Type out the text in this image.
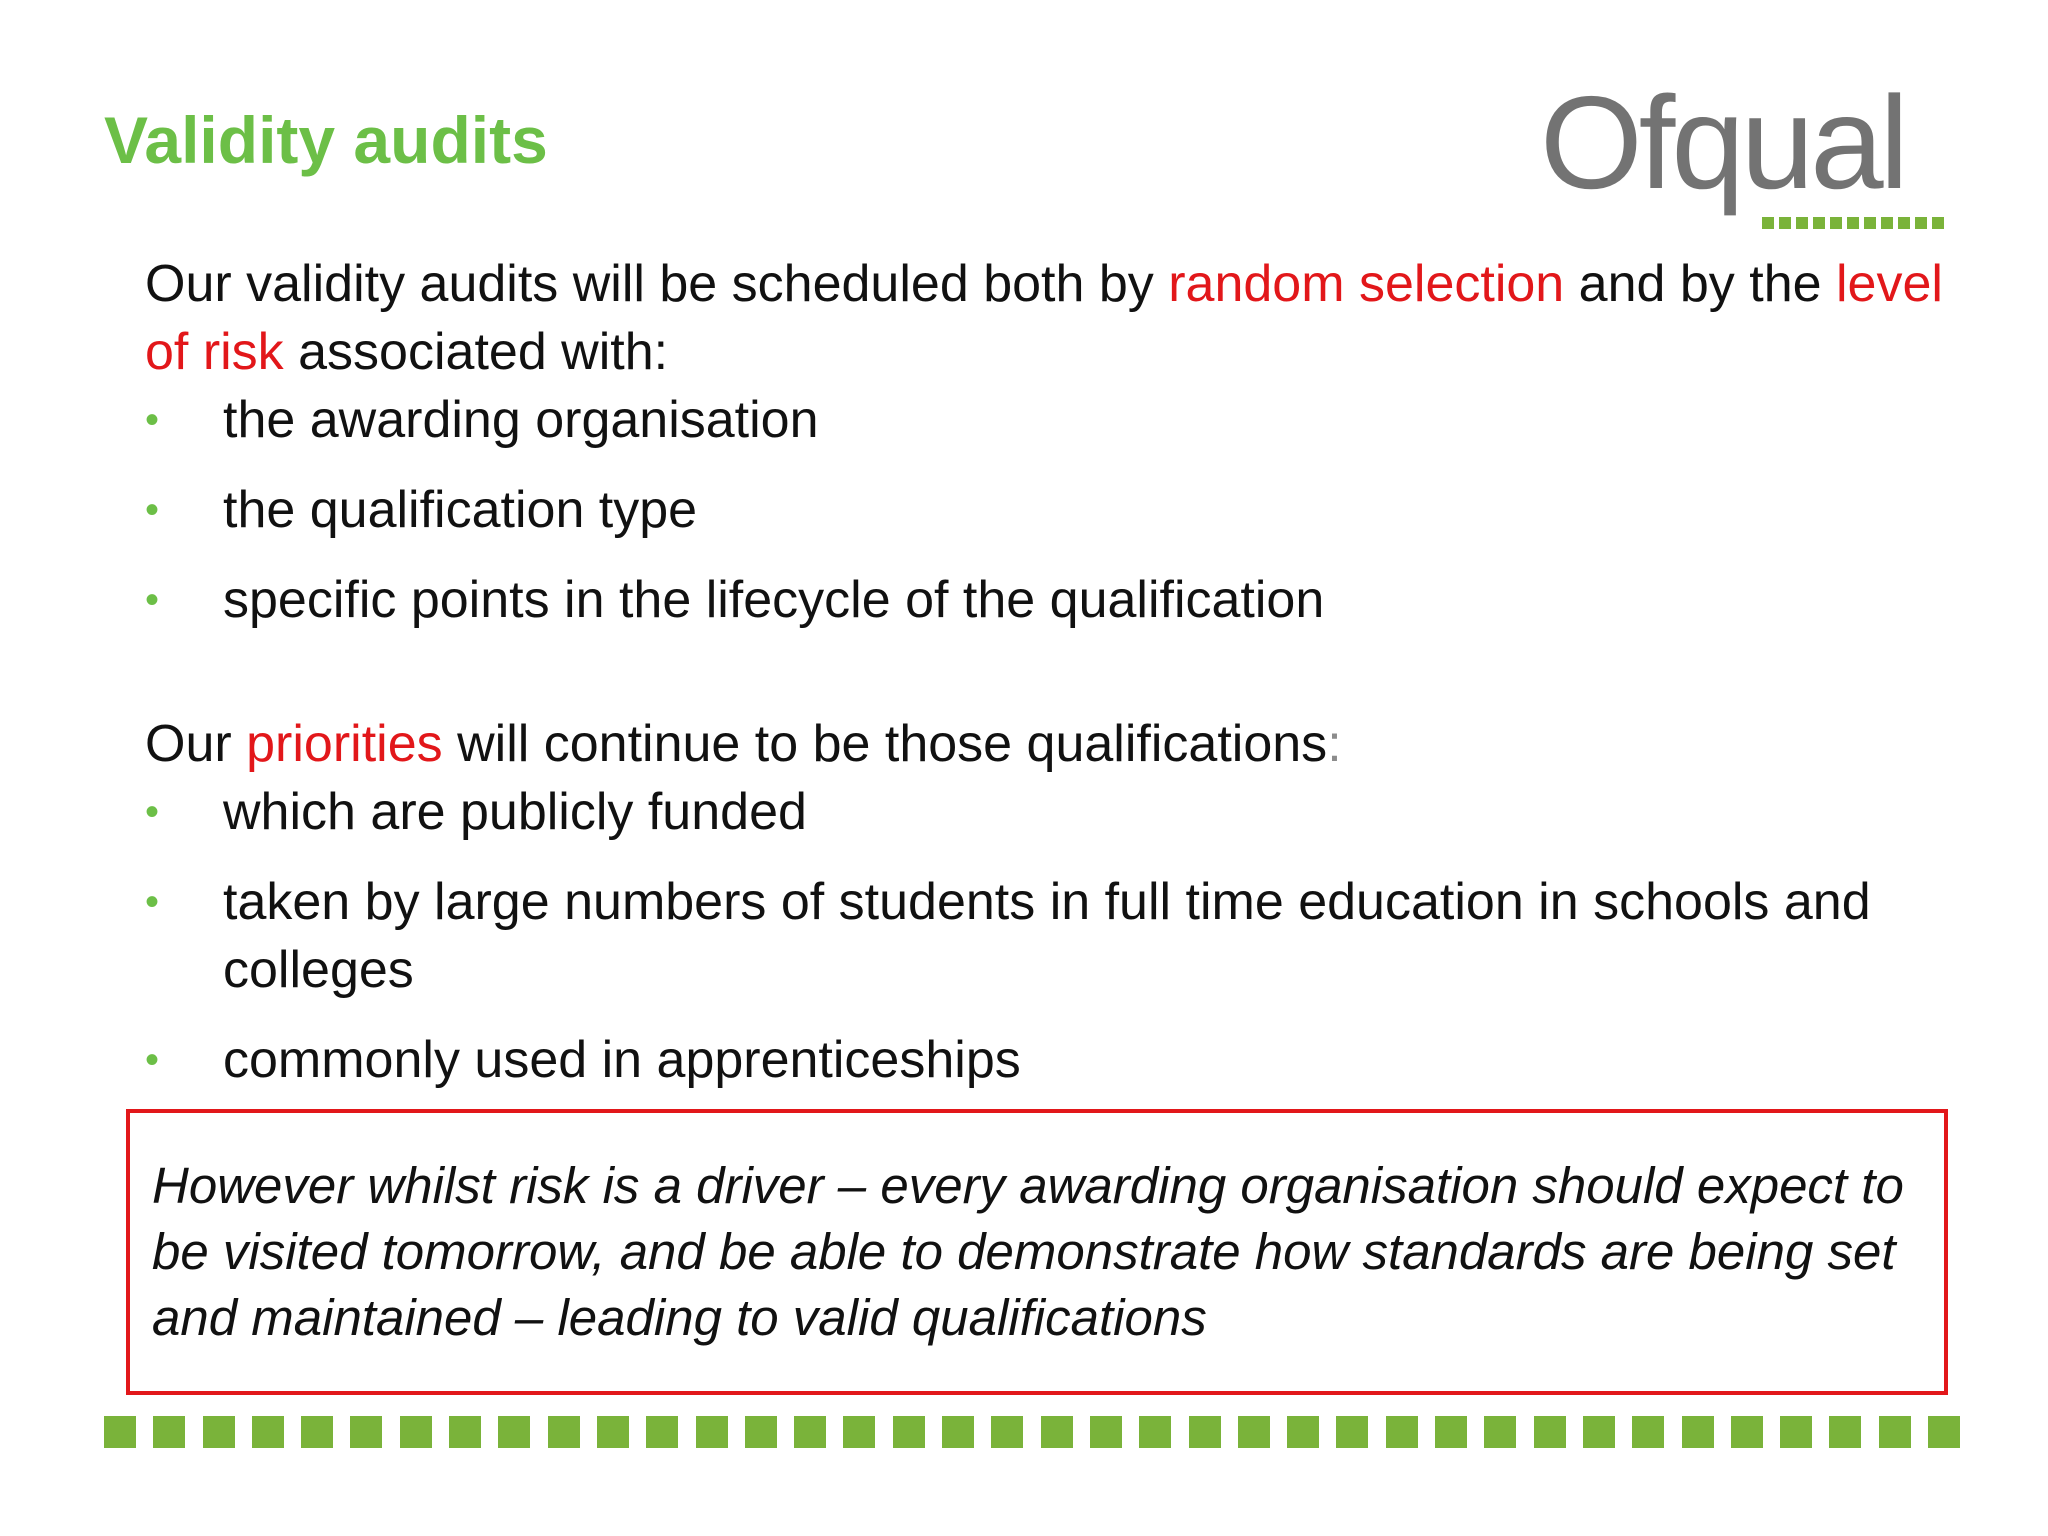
Validity audits	Ofqual
Our validity audits will be scheduled both by random selection and by the level of risk associated with:
• the awarding organisation
• the qualification type
• specific points in the lifecycle of the qualification
Our priorities will continue to be those qualifications:
• which are publicly funded
• taken by large numbers of students in full time education in schools and colleges
• commonly used in apprenticeships
However whilst risk is a driver – every awarding organisation should expect to be visited tomorrow, and be able to demonstrate how standards are being set and maintained – leading to valid qualifications
